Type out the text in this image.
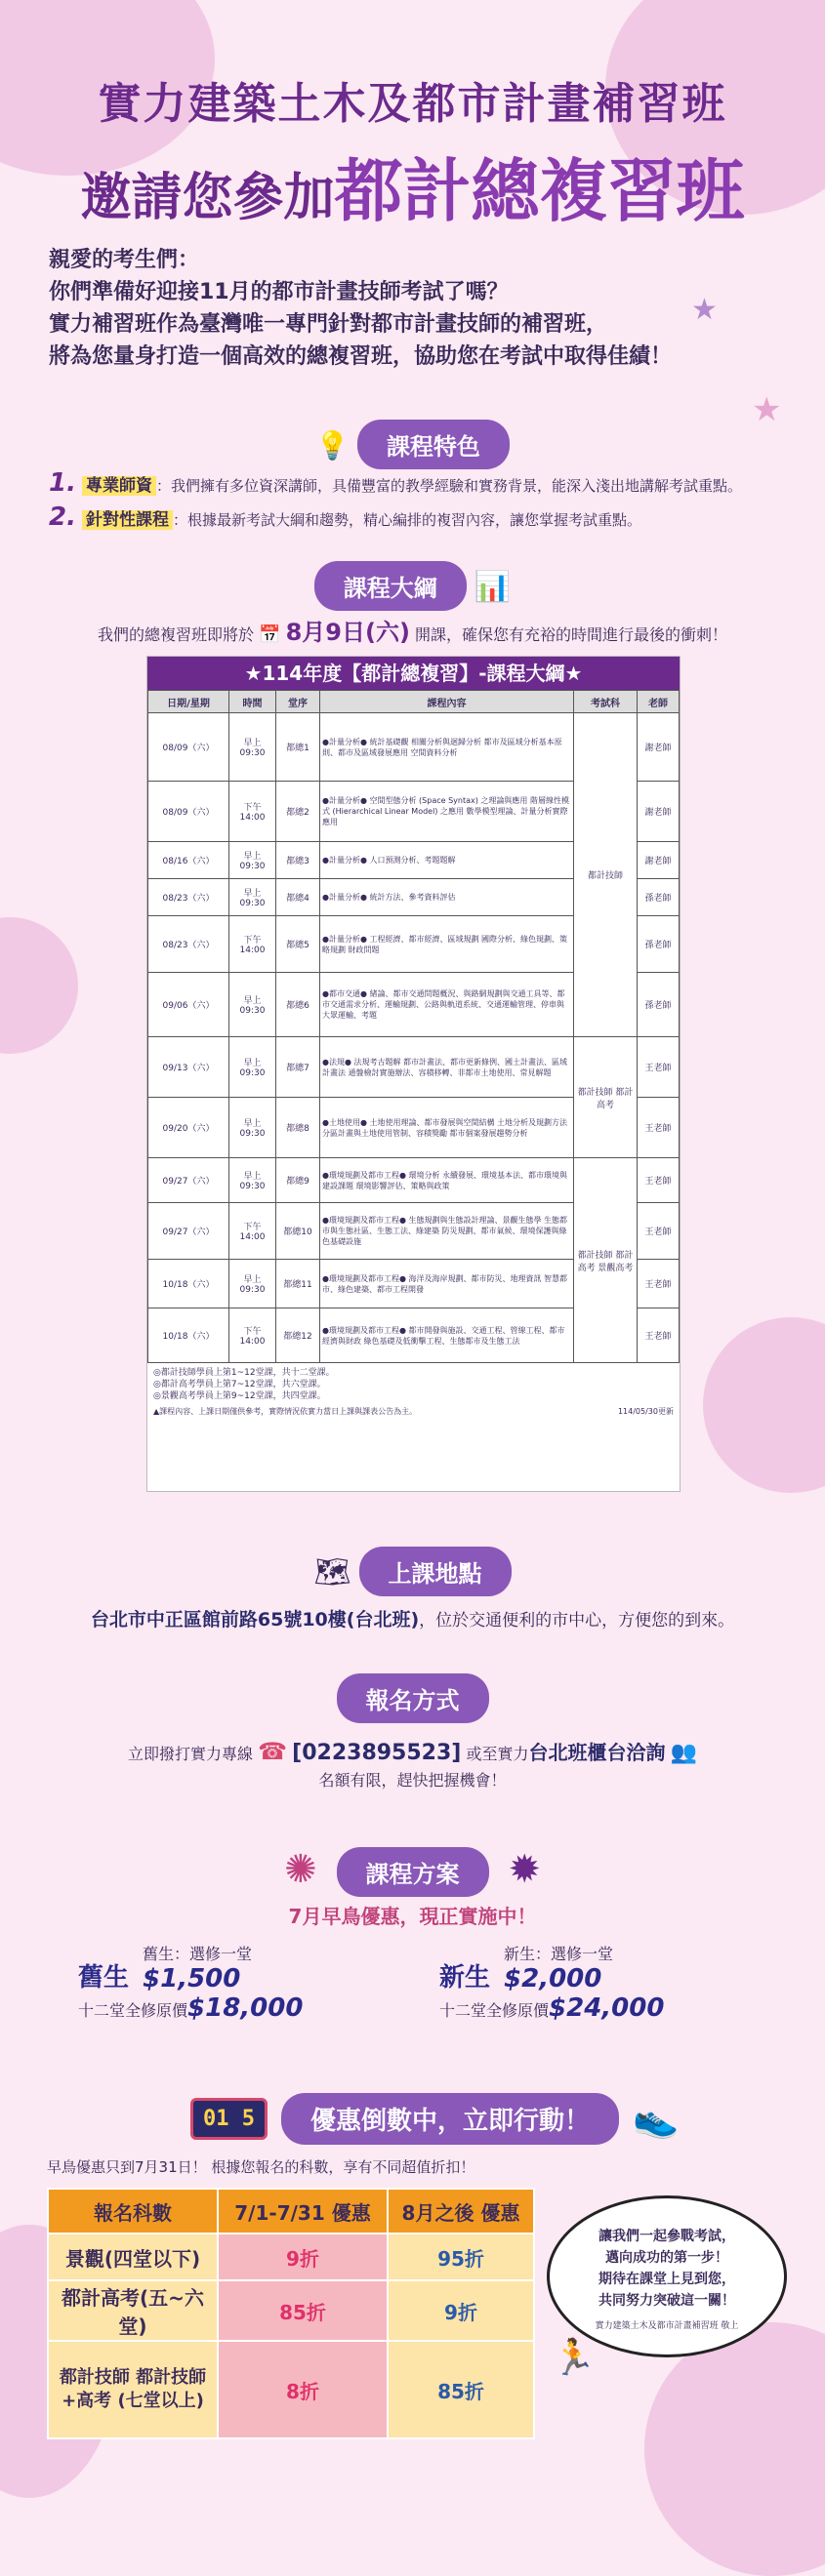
實力建築土木及都市計畫補習班
邀請您參加都計總複習班
親愛的考生們：
你們準備好迎接11月的都市計畫技師考試了嗎？
實力補習班作為臺灣唯一專門針對都市計畫技師的補習班，
將為您量身打造一個高效的總複習班，協助您在考試中取得佳績！
★
★
💡 課程特色
1. 專業師資 ：我們擁有多位資深講師，具備豐富的教學經驗和實務背景，能深入淺出地講解考試重點。
2. 針對性課程 ：根據最新考試大綱和趨勢，精心編排的複習內容，讓您掌握考試重點。
課程大綱 📊
我們的總複習班即將於 📅 8月9日(六) 開課，確保您有充裕的時間進行最後的衝刺！
★114年度【都計總複習】-課程大綱★
日期/星期	時間	堂序	課程內容	考試科	老師
08/09（六）	早上 09:30	都總1	●計量分析● 統計基礎觀 相關分析與迴歸分析 都市及區域分析基本原則、都市及區域發展應用 空間資料分析	都計技師	謝老師
08/09（六）	下午 14:00	都總2	●計量分析● 空間型態分析 (Space Syntax) 之理論與應用 階層線性模式 (Hierarchical Linear Model) 之應用 數學模型理論、計量分析實際應用		謝老師
08/16（六）	早上 09:30	都總3	●計量分析● 人口預測分析、考題題解		謝老師
08/23（六）	早上 09:30	都總4	●計量分析● 統計方法、參考資料評估		孫老師
08/23（六）	下午 14:00	都總5	●計量分析● 工程經濟、都市經濟、區域規劃 國際分析、綠色規劃、策略規劃 財政問題		孫老師
09/06（六）	早上 09:30	都總6	●都市交通● 緒論、都市交通問題概況、與路網規劃與交通工具等、都市交通需求分析、運輸規劃、公路與軌道系統、交通運輸管理、停車與大眾運輸、考題		孫老師
09/13（六）	早上 09:30	都總7	●法規● 法規考古題解 都市計畫法、都市更新條例、國土計畫法、區域計畫法 通盤檢討實施辦法、容積移轉、非都市土地使用、常見解題	都計技師 都計高考	王老師
09/20（六）	早上 09:30	都總8	●土地使用● 土地使用理論、都市發展與空間結構 土地分析及規劃方法 分區計畫與土地使用管制、容積獎勵 都市個案發展趨勢分析		王老師
09/27（六）	早上 09:30	都總9	●環境規劃及都市工程● 環境分析 永續發展、環境基本法、都市環境與建設課題 環境影響評估、策略與政策	都計技師 都計高考 景觀高考	王老師
09/27（六）	下午 14:00	都總10	●環境規劃及都市工程● 生態規劃與生態設計理論、景觀生態學 生態都市與生態社區、生態工法、綠建築 防災規劃、都市氣候、環境保護與綠色基礎設施		王老師
10/18（六）	早上 09:30	都總11	●環境規劃及都市工程● 海洋及海岸規劃、都市防災、地理資訊 智慧都市、綠色建築、都市工程開發		王老師
10/18（六）	下午 14:00	都總12	●環境規劃及都市工程● 都市開發與施設、交通工程、管線工程、都市經濟與財政 綠色基礎及低衝擊工程、生態都市及生態工法		王老師
◎都計技師學員上第1~12堂課，共十二堂課。
◎都計高考學員上第7~12堂課，共六堂課。
◎景觀高考學員上第9~12堂課，共四堂課。
▲課程內容、上課日期僅供參考，實際情況依實力當日上課與課表公告為主。	114/05/30更新
🗺 上課地點
台北市中正區館前路65號10樓(台北班)，位於交通便利的市中心，方便您的到來。
報名方式
立即撥打實力專線 ☎ [0223895523] 或至實力台北班櫃台洽詢 👥
名額有限，趕快把握機會！
✺ 課程方案 ✹
7月早鳥優惠，現正實施中！
舊生
舊生：選修一堂$1,500
十二堂全修原價$18,000
新生
新生：選修一堂$2,000
十二堂全修原價$24,000
01 5	優惠倒數中，立即行動！	👟
早鳥優惠只到7月31日！ 根據您報名的科數，享有不同超值折扣！
報名科數	7/1-7/31 優惠	8月之後 優惠
景觀(四堂以下)	9折	95折
都計高考(五~六堂)	85折	9折
都計技師 都計技師+高考 (七堂以上)	8折	85折
讓我們一起參戰考試，
邁向成功的第一步！
期待在課堂上見到您，
共同努力突破這一關！
實力建築土木及都市計畫補習班 敬上
🏃
